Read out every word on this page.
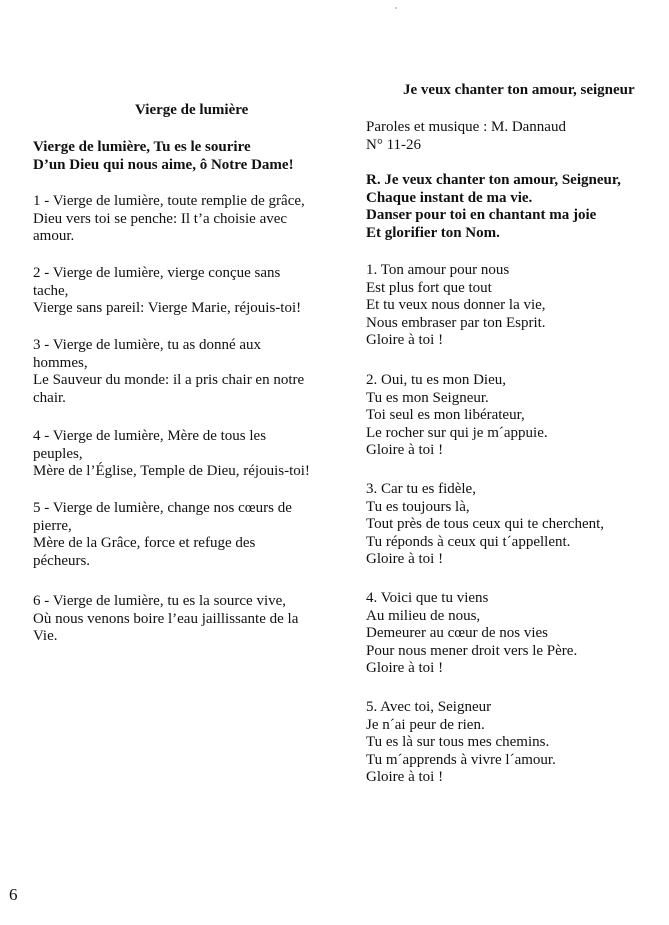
Vierge de lumière
Vierge de lumière, Tu es le sourire
D’un Dieu qui nous aime, ô Notre Dame!
1 - Vierge de lumière, toute remplie de grâce,
Dieu vers toi se penche: Il t’a choisie avec
amour.
2 - Vierge de lumière, vierge conçue sans
tache,
Vierge sans pareil: Vierge Marie, réjouis-toi!
3 - Vierge de lumière, tu as donné aux
hommes,
Le Sauveur du monde: il a pris chair en notre
chair.
4 - Vierge de lumière, Mère de tous les
peuples,
Mère de l’Église, Temple de Dieu, réjouis-toi!
5 - Vierge de lumière, change nos cœurs de
pierre,
Mère de la Grâce, force et refuge des
pécheurs.
6 - Vierge de lumière, tu es la source vive,
Où nous venons boire l’eau jaillissante de la
Vie.
Je veux chanter ton amour, seigneur
Paroles et musique : M. Dannaud
N° 11-26
R. Je veux chanter ton amour, Seigneur,
Chaque instant de ma vie.
Danser pour toi en chantant ma joie
Et glorifier ton Nom.
1. Ton amour pour nous
Est plus fort que tout
Et tu veux nous donner la vie,
Nous embraser par ton Esprit.
Gloire à toi !
2. Oui, tu es mon Dieu,
Tu es mon Seigneur.
Toi seul es mon libérateur,
Le rocher sur qui je m´appuie.
Gloire à toi !
3. Car tu es fidèle,
Tu es toujours là,
Tout près de tous ceux qui te cherchent,
Tu réponds à ceux qui t´appellent.
Gloire à toi !
4. Voici que tu viens
Au milieu de nous,
Demeurer au cœur de nos vies
Pour nous mener droit vers le Père.
Gloire à toi !
5. Avec toi, Seigneur
Je n´ai peur de rien.
Tu es là sur tous mes chemins.
Tu m´apprends à vivre l´amour.
Gloire à toi !
6
